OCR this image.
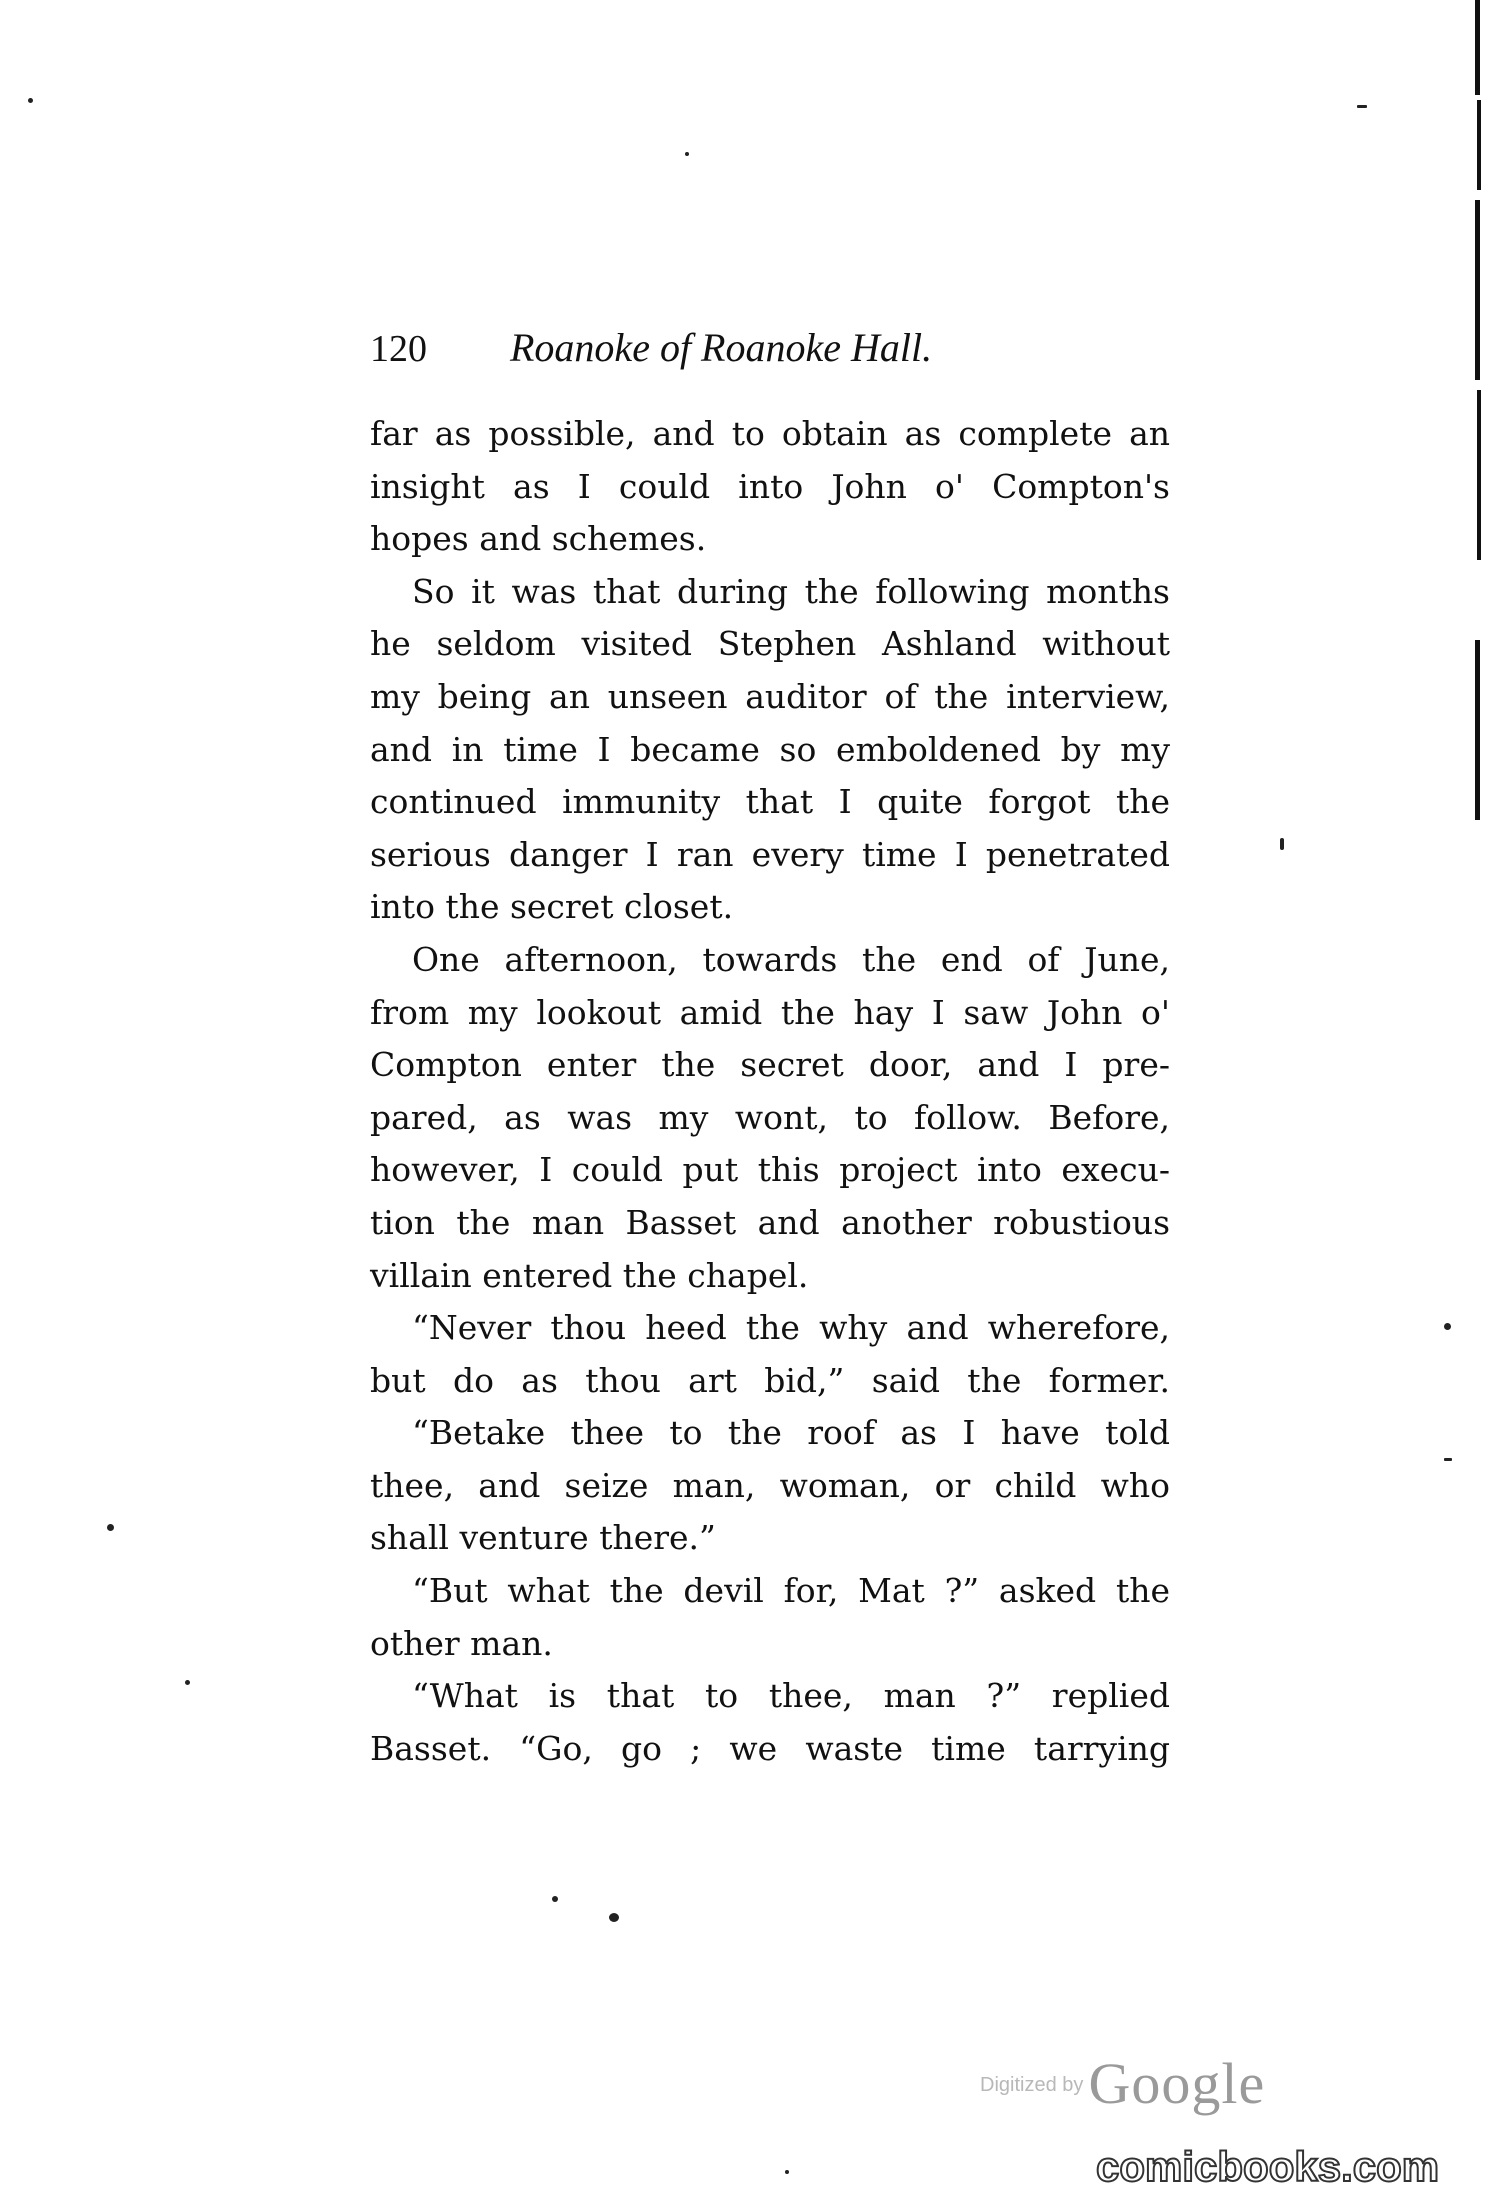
120 Roanoke of Roanoke Hall.
far as possible, and to obtain as complete an
insight as I could into John o' Compton's
hopes and schemes.
So it was that during the following months
he seldom visited Stephen Ashland without
my being an unseen auditor of the interview,
and in time I became so emboldened by my
continued immunity that I quite forgot the
serious danger I ran every time I penetrated
into the secret closet.
One afternoon, towards the end of June,
from my lookout amid the hay I saw John o'
Compton enter the secret door, and I pre-
pared, as was my wont, to follow. Before,
however, I could put this project into execu-
tion the man Basset and another robustious
villain entered the chapel.
“Never thou heed the why and wherefore,
but do as thou art bid,” said the former.
“Betake thee to the roof as I have told
thee, and seize man, woman, or child who
shall venture there.”
“But what the devil for, Mat ?” asked the
other man.
“What is that to thee, man ?” replied
Basset. “Go, go ; we waste time tarrying
Digitized by Google
comicbooks.com
